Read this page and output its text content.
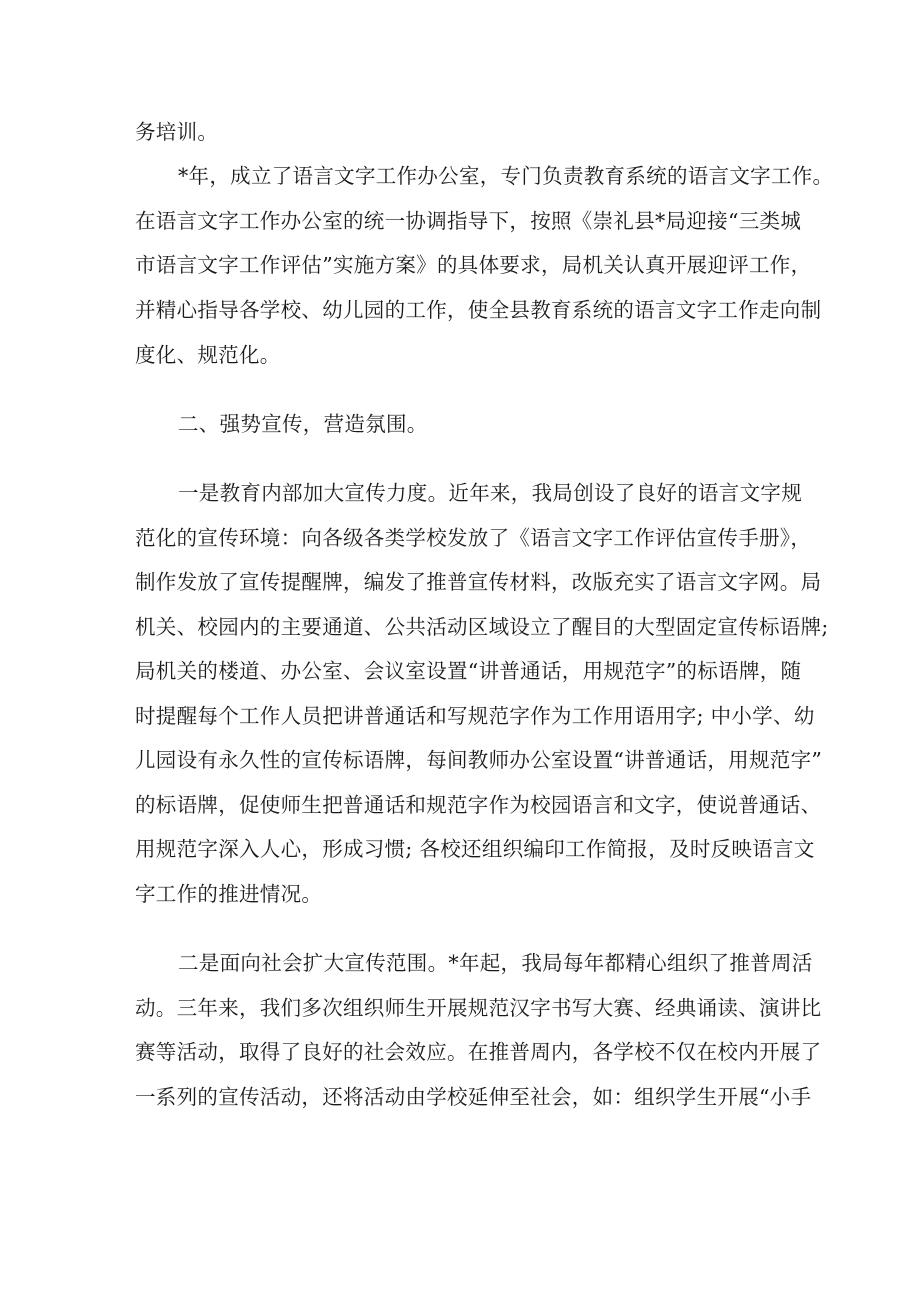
务培训。
*年，成立了语言文字工作办公室，专门负责教育系统的语言文字工作。
在语言文字工作办公室的统一协调指导下，按照《崇礼县*局迎接“三类城
市语言文字工作评估”实施方案》的具体要求，局机关认真开展迎评工作，
并精心指导各学校、幼儿园的工作，使全县教育系统的语言文字工作走向制
度化、规范化。
二、强势宣传，营造氛围。
一是教育内部加大宣传力度。近年来，我局创设了良好的语言文字规
范化的宣传环境：向各级各类学校发放了《语言文字工作评估宣传手册》，
制作发放了宣传提醒牌，编发了推普宣传材料，改版充实了语言文字网。局
机关、校园内的主要通道、公共活动区域设立了醒目的大型固定宣传标语牌;
局机关的楼道、办公室、会议室设置“讲普通话，用规范字”的标语牌，随
时提醒每个工作人员把讲普通话和写规范字作为工作用语用字; 中小学、幼
儿园设有永久性的宣传标语牌，每间教师办公室设置“讲普通话，用规范字”
的标语牌，促使师生把普通话和规范字作为校园语言和文字，使说普通话、
用规范字深入人心，形成习惯; 各校还组织编印工作简报，及时反映语言文
字工作的推进情况。
二是面向社会扩大宣传范围。*年起，我局每年都精心组织了推普周活
动。三年来，我们多次组织师生开展规范汉字书写大赛、经典诵读、演讲比
赛等活动，取得了良好的社会效应。在推普周内，各学校不仅在校内开展了
一系列的宣传活动，还将活动由学校延伸至社会，如：组织学生开展“小手
